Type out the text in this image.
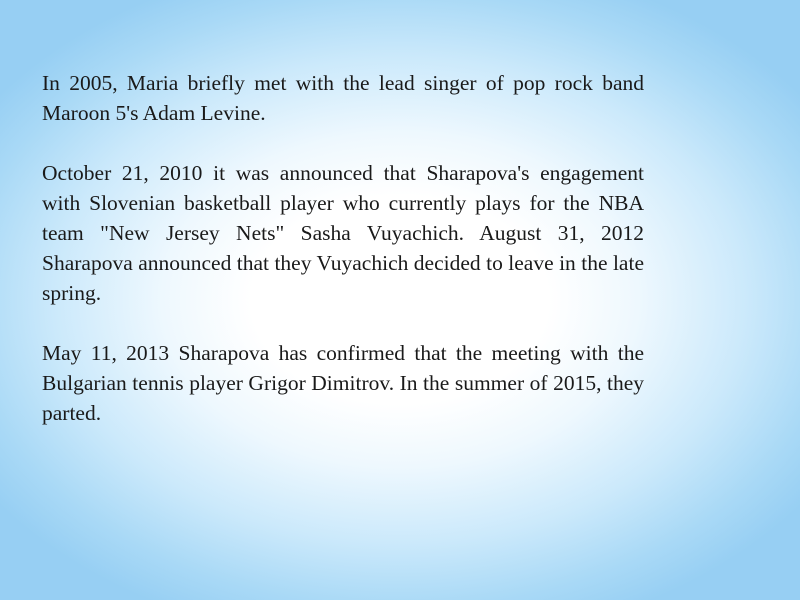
In 2005, Maria briefly met with the lead singer of pop rock band Maroon 5's Adam Levine.

October 21, 2010 it was announced that Sharapova's engagement with Slovenian basketball player who currently plays for the NBA team "New Jersey Nets" Sasha Vuyachich. August 31, 2012 Sharapova announced that they Vuyachich decided to leave in the late spring.

May 11, 2013 Sharapova has confirmed that the meeting with the Bulgarian tennis player Grigor Dimitrov. In the summer of 2015, they parted.
